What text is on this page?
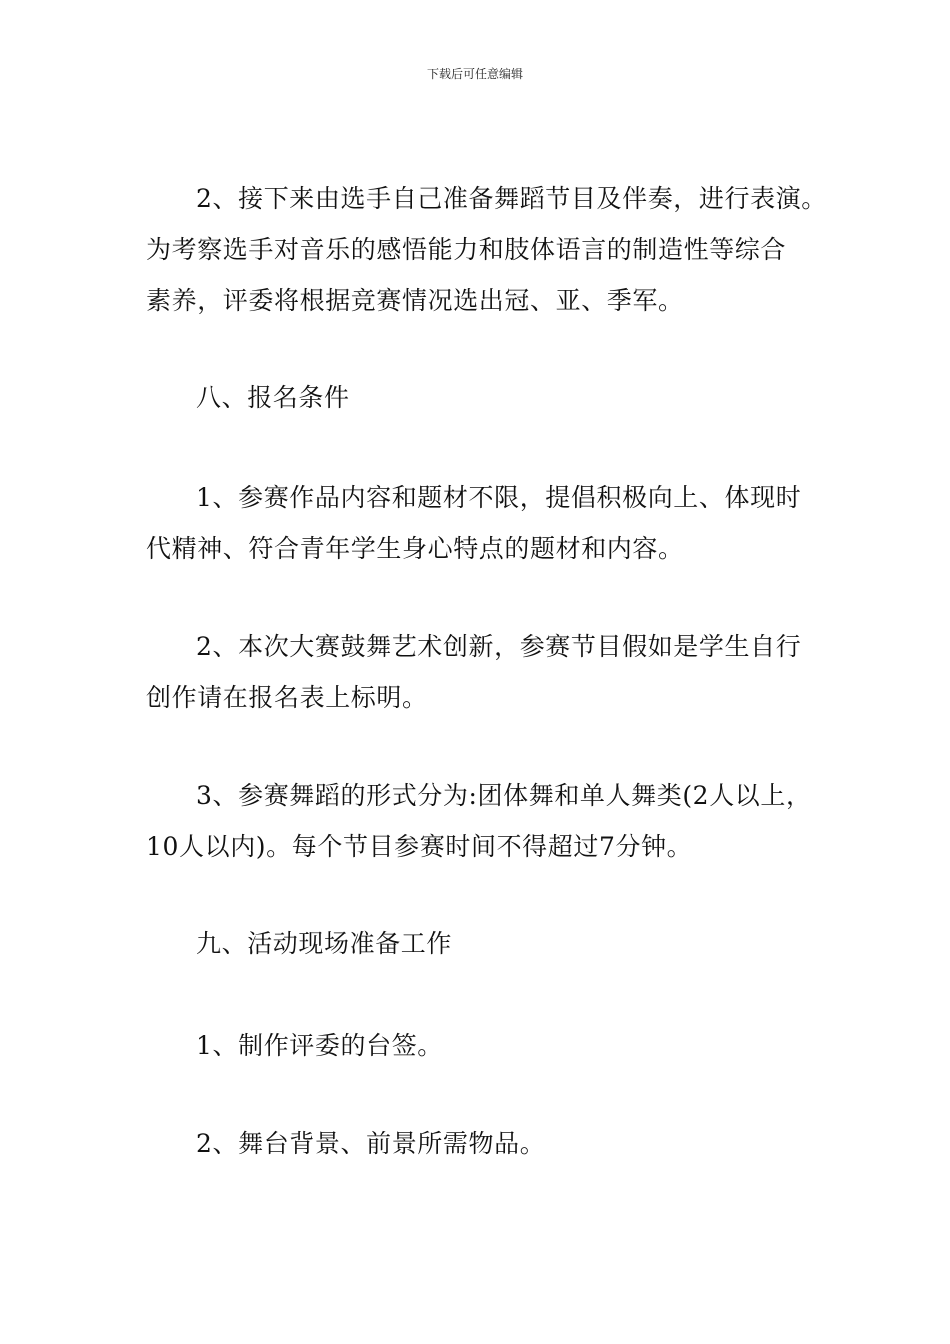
下载后可任意编辑
2、接下来由选手自己准备舞蹈节目及伴奏，进行表演。
为考察选手对音乐的感悟能力和肢体语言的制造性等综合
素养，评委将根据竞赛情况选出冠、亚、季军。
八、报名条件
1、参赛作品内容和题材不限，提倡积极向上、体现时
代精神、符合青年学生身心特点的题材和内容。
2、本次大赛鼓舞艺术创新，参赛节目假如是学生自行
创作请在报名表上标明。
3、参赛舞蹈的形式分为:团体舞和单人舞类(2人以上，
10人以内)。每个节目参赛时间不得超过7分钟。
九、活动现场准备工作
1、制作评委的台签。
2、舞台背景、前景所需物品。
